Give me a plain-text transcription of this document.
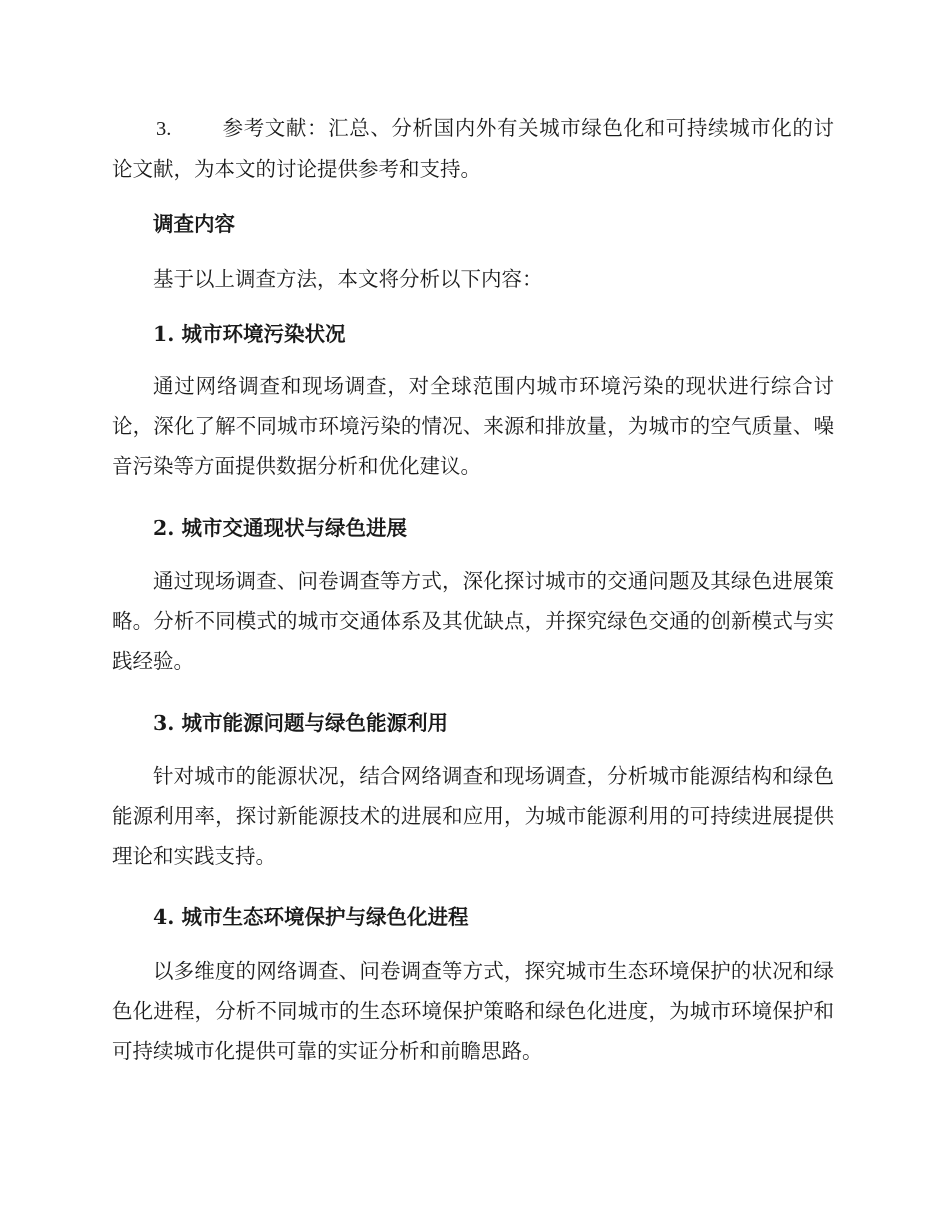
3. 参考文献：汇总、分析国内外有关城市绿色化和可持续城市化的讨论文献，为本文的讨论提供参考和支持。

调查内容

基于以上调查方法，本文将分析以下内容：

1. 城市环境污染状况

通过网络调查和现场调查，对全球范围内城市环境污染的现状进行综合讨论，深化了解不同城市环境污染的情况、来源和排放量，为城市的空气质量、噪音污染等方面提供数据分析和优化建议。

2. 城市交通现状与绿色进展

通过现场调查、问卷调查等方式，深化探讨城市的交通问题及其绿色进展策略。分析不同模式的城市交通体系及其优缺点，并探究绿色交通的创新模式与实践经验。

3. 城市能源问题与绿色能源利用

针对城市的能源状况，结合网络调查和现场调查，分析城市能源结构和绿色能源利用率，探讨新能源技术的进展和应用，为城市能源利用的可持续进展提供理论和实践支持。

4. 城市生态环境保护与绿色化进程

以多维度的网络调查、问卷调查等方式，探究城市生态环境保护的状况和绿色化进程，分析不同城市的生态环境保护策略和绿色化进度，为城市环境保护和可持续城市化提供可靠的实证分析和前瞻思路。
